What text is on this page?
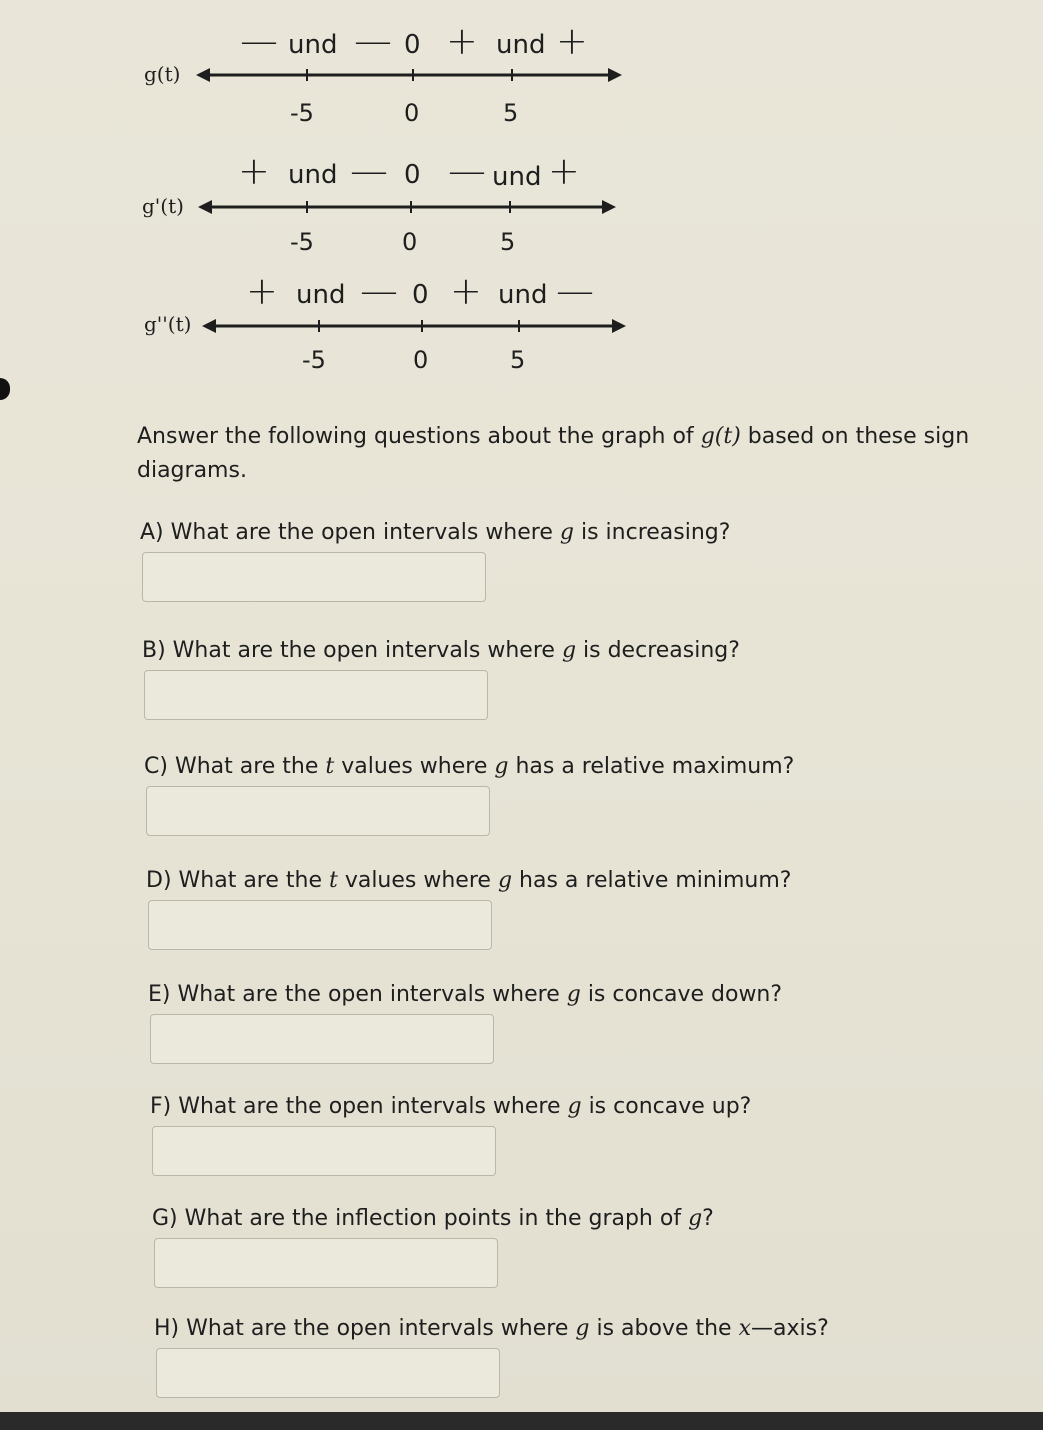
— und — 0 + und +
g(t)
-5	0	5
+ und — 0 — und +
g'(t)
-5	0	5
+ und — 0 + und —
g''(t)
-5	0	5
Answer the following questions about the graph of g(t) based on these sign diagrams.
A) What are the open intervals where g is increasing?
B) What are the open intervals where g is decreasing?
C) What are the t values where g has a relative maximum?
D) What are the t values where g has a relative minimum?
E) What are the open intervals where g is concave down?
F) What are the open intervals where g is concave up?
G) What are the inflection points in the graph of g?
H) What are the open intervals where g is above the x—axis?
